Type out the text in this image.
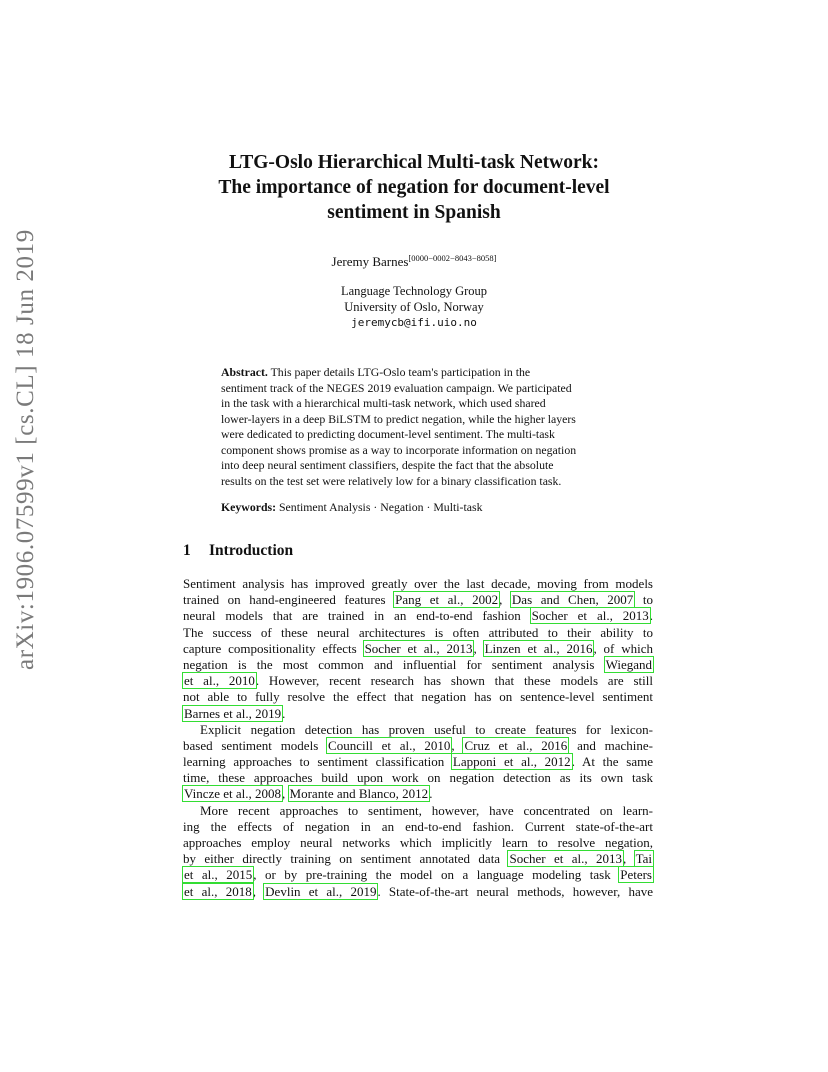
arXiv:1906.07599v1 [cs.CL] 18 Jun 2019
LTG-Oslo Hierarchical Multi-task Network:
The importance of negation for document-level
sentiment in Spanish
Jeremy Barnes[0000−0002−8043−8058]
Language Technology Group
University of Oslo, Norway
jeremycb@ifi.uio.no
Abstract. This paper details LTG-Oslo team's participation in the
sentiment track of the NEGES 2019 evaluation campaign. We participated
in the task with a hierarchical multi-task network, which used shared
lower-layers in a deep BiLSTM to predict negation, while the higher layers
were dedicated to predicting document-level sentiment. The multi-task
component shows promise as a way to incorporate information on negation
into deep neural sentiment classifiers, despite the fact that the absolute
results on the test set were relatively low for a binary classification task.
Keywords: Sentiment Analysis · Negation · Multi-task
1 Introduction
Sentiment analysis has improved greatly over the last decade, moving from models
trained on hand-engineered features Pang et al., 2002, Das and Chen, 2007 to
neural models that are trained in an end-to-end fashion Socher et al., 2013.
The success of these neural architectures is often attributed to their ability to
capture compositionality effects Socher et al., 2013, Linzen et al., 2016, of which
negation is the most common and influential for sentiment analysis Wiegand
et al., 2010. However, recent research has shown that these models are still
not able to fully resolve the effect that negation has on sentence-level sentiment
Barnes et al., 2019.
Explicit negation detection has proven useful to create features for lexicon-
based sentiment models Councill et al., 2010, Cruz et al., 2016 and machine-
learning approaches to sentiment classification Lapponi et al., 2012. At the same
time, these approaches build upon work on negation detection as its own task
Vincze et al., 2008, Morante and Blanco, 2012.
More recent approaches to sentiment, however, have concentrated on learn-
ing the effects of negation in an end-to-end fashion. Current state-of-the-art
approaches employ neural networks which implicitly learn to resolve negation,
by either directly training on sentiment annotated data Socher et al., 2013, Tai
et al., 2015, or by pre-training the model on a language modeling task Peters
et al., 2018, Devlin et al., 2019. State-of-the-art neural methods, however, have
